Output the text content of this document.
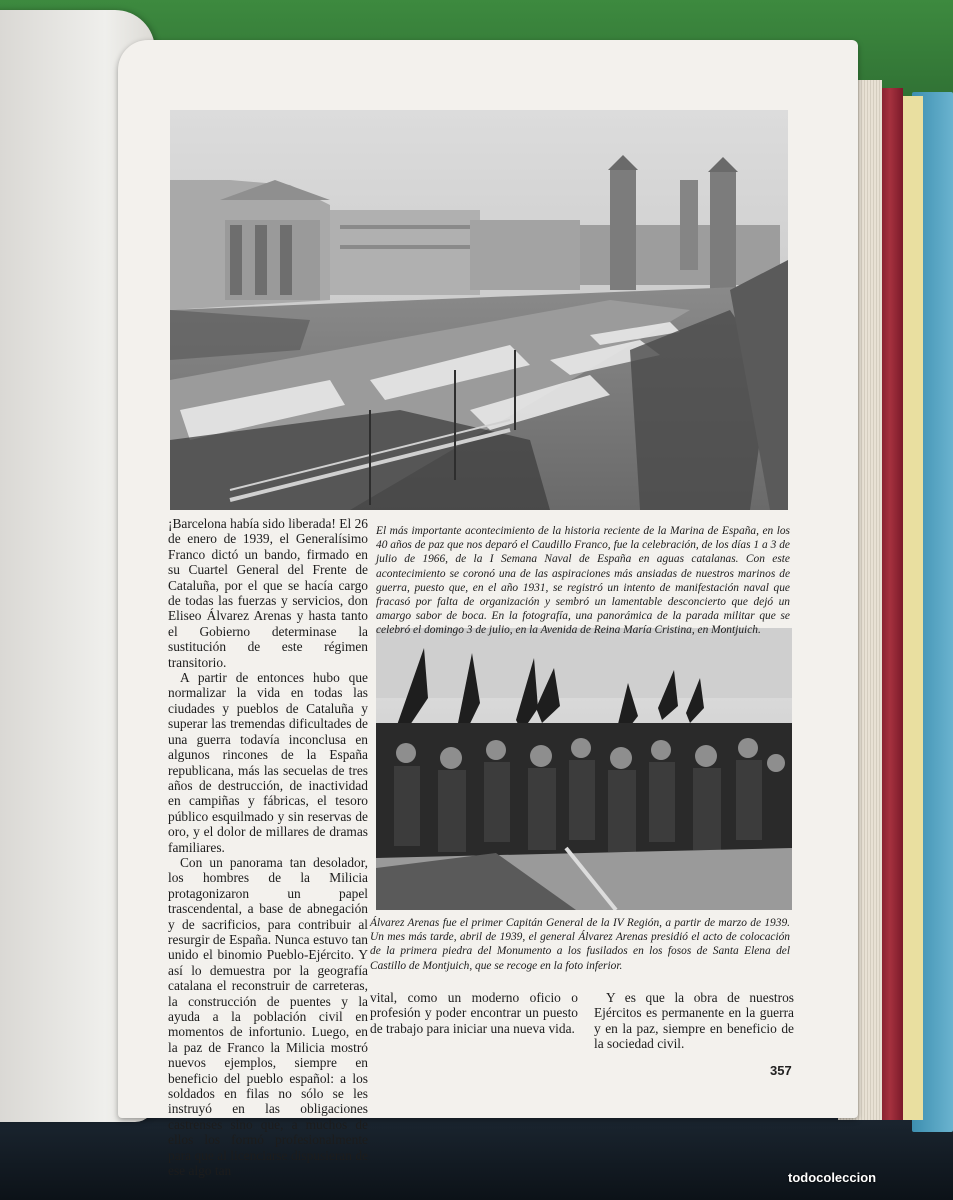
¡Barcelona había sido liberada! El 26 de enero de 1939, el Generalísimo Franco dictó un bando, firmado en su Cuartel General del Frente de Cataluña, por el que se hacía cargo de todas las fuerzas y servicios, don Eliseo Álvarez Arenas y hasta tanto el Gobierno determinase la sustitución de este régimen transitorio.

A partir de entonces hubo que normalizar la vida en todas las ciudades y pueblos de Cataluña y superar las tremendas dificultades de una guerra todavía inconclusa en algunos rincones de la España republicana, más las secuelas de tres años de destrucción, de inactividad en campiñas y fábricas, el tesoro público esquilmado y sin reservas de oro, y el dolor de millares de dramas familiares.

Con un panorama tan desolador, los hombres de la Milicia protagonizaron un papel trascendental, a base de abnegación y de sacrificios, para contribuir al resurgir de España. Nunca estuvo tan unido el binomio Pueblo-Ejército. Y así lo demuestra por la geografía catalana el reconstruir de carreteras, la construcción de puentes y la ayuda a la población civil en momentos de infortunio. Luego, en la paz de Franco la Milicia mostró nuevos ejemplos, siempre en beneficio del pueblo español: a los soldados en filas no sólo se les instruyó en las obligaciones castrenses sino que, a muchos de ellos los formó profesionalmente para que al licenciarse dispusieran de ese algo tan

El más importante acontecimiento de la historia reciente de la Marina de España, en los 40 años de paz que nos deparó el Caudillo Franco, fue la celebración, de los días 1 a 3 de julio de 1966, de la I Semana Naval de España en aguas catalanas. Con este acontecimiento se coronó una de las aspiraciones más ansiadas de nuestros marinos de guerra, puesto que, en el año 1931, se registró un intento de manifestación naval que fracasó por falta de organización y sembró un lamentable desconcierto que dejó un amargo sabor de boca. En la fotografía, una panorámica de la parada militar que se celebró el domingo 3 de julio, en la Avenida de Reina María Cristina, en Montjuich.
Álvarez Arenas fue el primer Capitán General de la IV Región, a partir de marzo de 1939. Un mes más tarde, abril de 1939, el general Álvarez Arenas presidió el acto de colocación de la primera piedra del Monumento a los fusilados en los fosos de Santa Elena del Castillo de Montjuich, que se recoge en la foto inferior.
vital, como un moderno oficio o profesión y poder encontrar un puesto de trabajo para iniciar una nueva vida.
Y es que la obra de nuestros Ejércitos es permanente en la guerra y en la paz, siempre en beneficio de la sociedad civil.
357
todocoleccion
